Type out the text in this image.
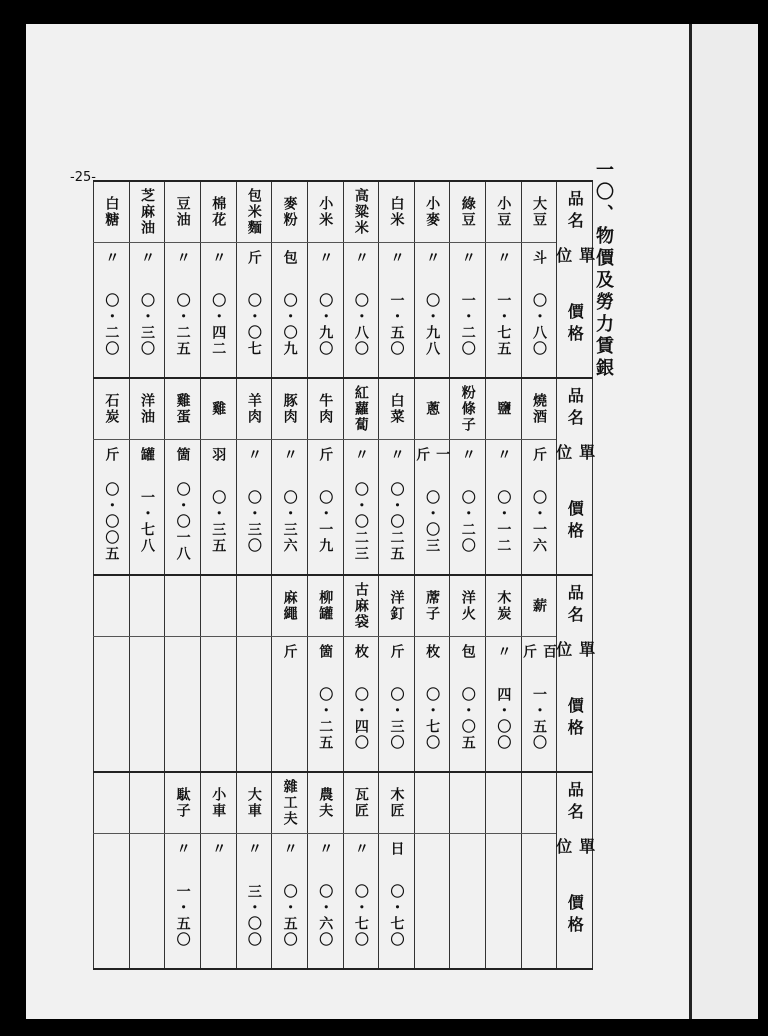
-25-	一〇、物價及勞力賃銀
品名	大豆	小豆	綠豆	小麥	白米	高粱米	小米	麥粉	包米麵	棉花	豆油	芝麻油	白糖
單位	斗	〃	〃	〃	〃	〃	〃	包	斤	〃	〃	〃	〃
價格	〇・八〇	一・七五	一・二〇	〇・九八	一・五〇	〇・八〇	〇・九〇	〇・〇九	〇・〇七	〇・四二	〇・二五	〇・三〇	〇・二〇
品名	燒酒	鹽	粉條子	蔥	白菜	紅蘿蔔	牛肉	豚肉	羊肉	雞	雞蛋	洋油	石炭
單位	斤	〃	〃	一斤	〃	〃	斤	〃	〃	羽	箇	罐	斤
價格	〇・一六	〇・一二	〇・二〇	〇・〇三	〇・〇二五	〇・〇二三	〇・一九	〇・三六	〇・三〇	〇・三五	〇・〇一八	一・七八	〇・〇〇五
品名	薪	木炭	洋火	蓆子	洋釘	古麻袋	柳罐	麻繩					
單位	百斤	〃	包	枚	斤	枚	箇	斤					
價格	一・五〇	四・〇〇	〇・〇五	〇・七〇	〇・三〇	〇・四〇	〇・二五						
品名					木匠	瓦匠	農夫	雜工夫	大車	小車	駄子		
單位					日	〃	〃	〃	〃	〃	〃		
價格					〇・七〇	〇・七〇	〇・六〇	〇・五〇	三・〇〇		一・五〇		
